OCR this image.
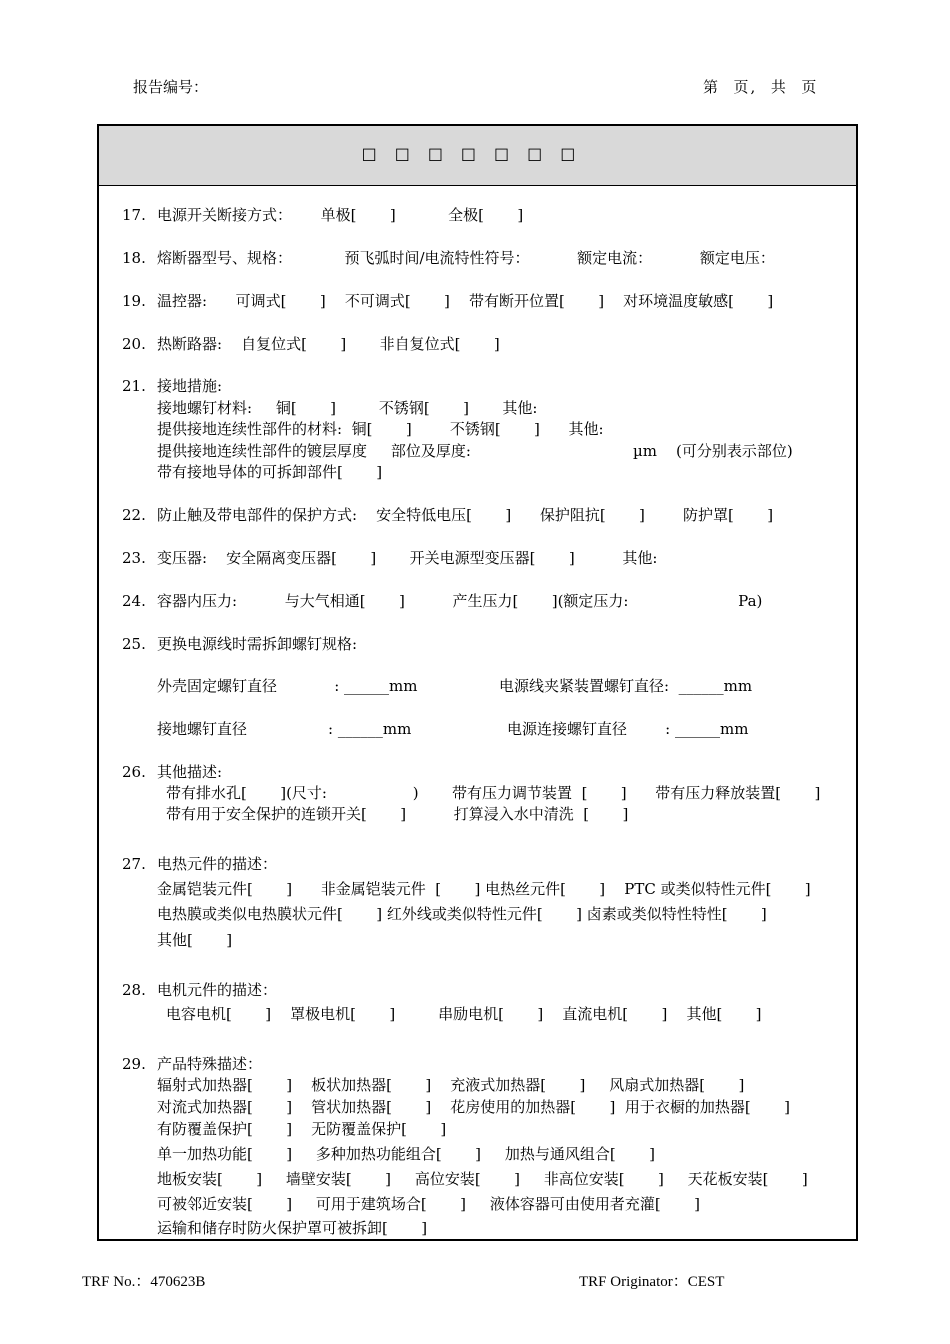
报告编号：	第  页,  共  页
□□□□□□□
17. 电源开关断接方式：      单极[       ]           全极[       ]
18. 熔断器型号、规格：           预飞弧时间/电流特性符号：          额定电流：          额定电压：
19. 温控器:      可调式[       ]    不可调式[       ]    带有断开位置[       ]    对环境温度敏感[       ]
20. 热断路器:    自复位式[       ]       非自复位式[       ]
21. 接地措施:
接地螺钉材料:     铜[       ]         不锈钢[       ]       其他:
提供接地连续性部件的材料:  铜[       ]        不锈钢[       ]      其他:
提供接地连续性部件的镀层厚度     部位及厚度:                                  µm    (可分别表示部位)
带有接地导体的可拆卸部件[       ]
22. 防止触及带电部件的保护方式:    安全特低电压[       ]      保护阻抗[       ]        防护罩[       ]
23. 变压器:    安全隔离变压器[       ]       开关电源型变压器[       ]          其他:
24. 容器内压力:          与大气相通[       ]          产生压力[       ](额定压力:                       Pa)
25. 更换电源线时需拆卸螺钉规格:
外壳固定螺钉直径            : ______mm	电源线夹紧装置螺钉直径:  ______mm
接地螺钉直径                 : ______mm	电源连接螺钉直径        : ______mm
26. 其他描述:
带有排水孔[       ](尺寸:                  )       带有压力调节装置  [       ]      带有压力释放装置[       ]
带有用于安全保护的连锁开关[       ]          打算浸入水中清洗  [       ]
27. 电热元件的描述：
金属铠装元件[       ]      非金属铠装元件  [       ] 电热丝元件[       ]    PTC 或类似特性元件[       ]
电热膜或类似电热膜状元件[       ] 红外线或类似特性元件[       ] 卤素或类似特性特性[       ]
其他[       ]
28. 电机元件的描述：
电容电机[       ]    罩极电机[       ]         串励电机[       ]    直流电机[       ]    其他[       ]
29. 产品特殊描述：
辐射式加热器[       ]    板状加热器[       ]    充液式加热器[       ]     风扇式加热器[       ]
对流式加热器[       ]    管状加热器[       ]    花房使用的加热器[       ]  用于衣橱的加热器[       ]
有防覆盖保护[       ]    无防覆盖保护[       ]
单一加热功能[       ]     多种加热功能组合[       ]     加热与通风组合[       ]
地板安装[       ]     墙壁安装[       ]     高位安装[       ]     非高位安装[       ]     天花板安装[       ]
可被邻近安装[       ]     可用于建筑场合[       ]     液体容器可由使用者充灌[       ]
运输和储存时防火保护罩可被拆卸[       ]
TRF No.：470623B	TRF Originator：CEST
